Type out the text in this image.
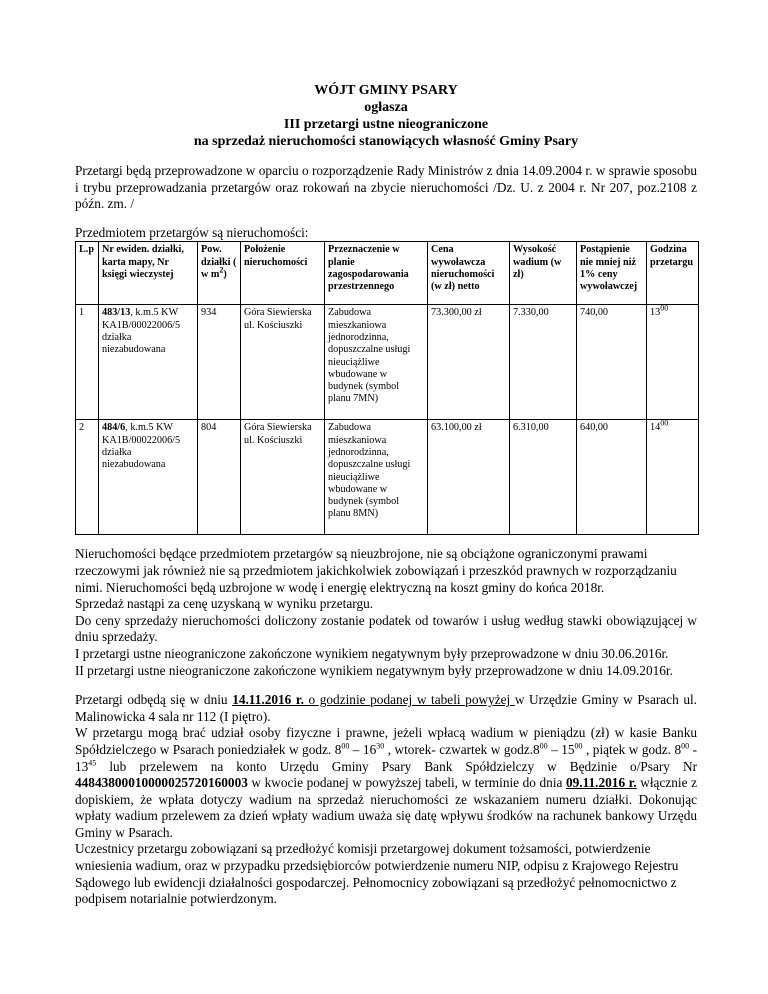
WÓJT GMINY PSARY
ogłasza
III przetargi ustne nieograniczone
na sprzedaż nieruchomości stanowiących własność Gminy Psary

Przetargi będą przeprowadzone w oparciu o rozporządzenie Rady Ministrów z dnia 14.09.2004 r. w sprawie sposobu i trybu przeprowadzania przetargów oraz rokowań na zbycie nieruchomości /Dz. U. z 2004 r. Nr 207, poz.2108 z późn. zm. /

Przedmiotem przetargów są nieruchomości:

L.p	Nr ewiden. działki, karta mapy, Nr księgi wieczystej	Pow. działki ( w $m^2$)	Położenie nieruchomości	Przeznaczenie w planie zagospodarowania przestrzennego	Cena wywoławcza nieruchomości (w zł) netto	Wysokość wadium (w zł)	Postąpienie nie mniej niż 1% ceny wywoławczej	Godzina przetargu
1	483/13, k.m.5 KW KA1B/00022006/5 działka niezabudowana	934	Góra Siewierska ul. Kościuszki	Zabudowa mieszkaniowa jednorodzinna, dopuszczalne usługi nieuciążliwe wbudowane w budynek (symbol planu 7MN)	73.300,00 zł	7.330,00	740,00	$13^{00}$
2	484/6, k.m.5 KW KA1B/00022006/5 działka niezabudowana	804	Góra Siewierska ul. Kościuszki	Zabudowa mieszkaniowa jednorodzinna, dopuszczalne usługi nieuciążliwe wbudowane w budynek (symbol planu 8MN)	63.100,00 zł	6.310,00	640,00	$14^{00}$

Nieruchomości będące przedmiotem przetargów są nieuzbrojone, nie są obciążone ograniczonymi prawami rzeczowymi jak również nie są przedmiotem jakichkolwiek zobowiązań i przeszkód prawnych w rozporządzaniu nimi. Nieruchomości będą uzbrojone w wodę i energię elektryczną na koszt gminy do końca 2018r.

Sprzedaż nastąpi za cenę uzyskaną w wyniku przetargu.

Do ceny sprzedaży nieruchomości doliczony zostanie podatek od towarów i usług według stawki obowiązującej w dniu sprzedaży.

I przetargi ustne nieograniczone zakończone wynikiem negatywnym były przeprowadzone w dniu 30.06.2016r.

II przetargi ustne nieograniczone zakończone wynikiem negatywnym były przeprowadzone w dniu 14.09.2016r.

Przetargi odbędą się w dniu 14.11.2016 r. o godzinie podanej w tabeli powyżej w Urzędzie Gminy w Psarach ul. Malinowicka 4 sala nr 112 (I piętro).

W przetargu mogą brać udział osoby fizyczne i prawne, jeżeli wpłacą wadium w pieniądzu (zł) w kasie Banku Spółdzielczego w Psarach poniedziałek w godz. $8^{00} - 16^{30}$ , wtorek- czwartek w $godz.8^{00} - 15^{00}$ , piątek w godz. $8^{00} - 13^{45}$ lub przelewem na konto Urzędu Gminy Psary Bank Spółdzielczy w Będzinie o/Psary Nr 44843800010000025720160003 w kwocie podanej w powyższej tabeli, w terminie do dnia 09.11.2016 r. włącznie z dopiskiem, że wpłata dotyczy wadium na sprzedaż nieruchomości ze wskazaniem numeru działki. Dokonując wpłaty wadium przelewem za dzień wpłaty wadium uważa się datę wpływu środków na rachunek bankowy Urzędu Gminy w Psarach.

Uczestnicy przetargu zobowiązani są przedłożyć komisji przetargowej dokument tożsamości, potwierdzenie wniesienia wadium, oraz w przypadku przedsiębiorców potwierdzenie numeru NIP, odpisu z Krajowego Rejestru Sądowego lub ewidencji działalności gospodarczej. Pełnomocnicy zobowiązani są przedłożyć pełnomocnictwo z podpisem notarialnie potwierdzonym.
